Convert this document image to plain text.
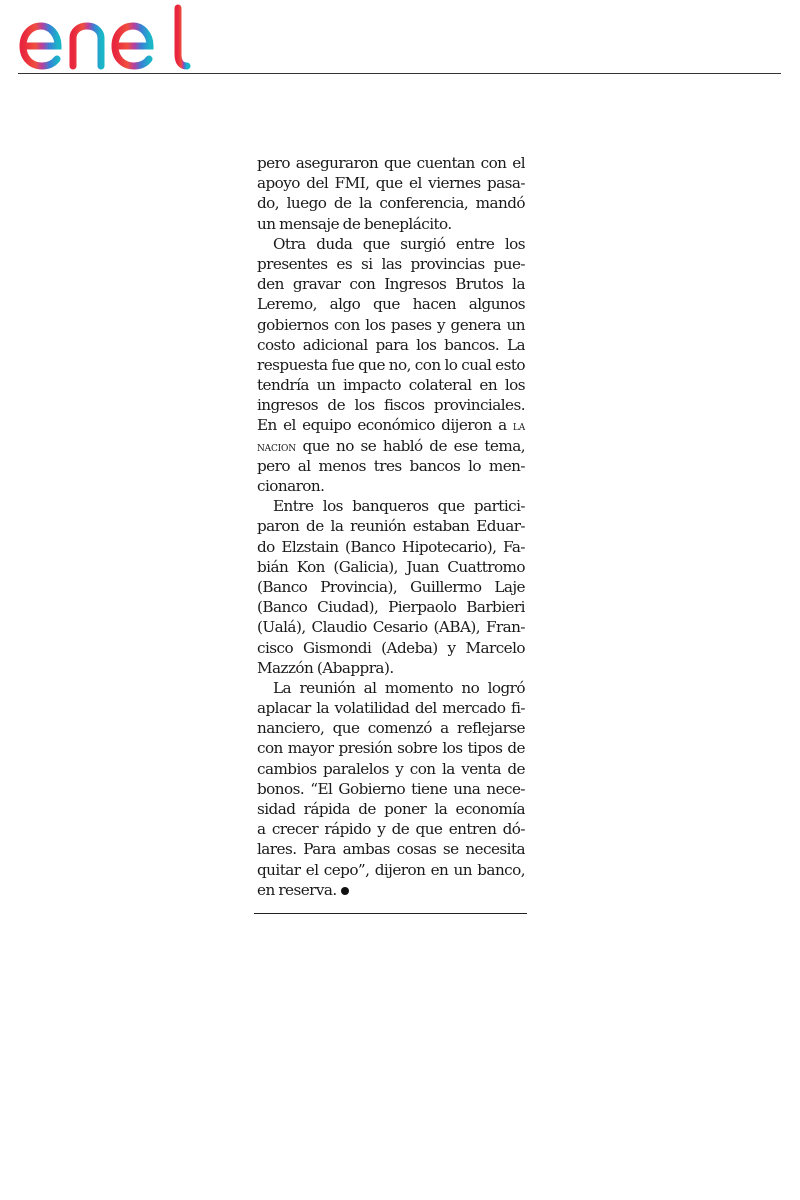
pero aseguraron que cuentan con el
apoyo del FMI, que el viernes pasa-
do, luego de la conferencia, mandó
un mensaje de beneplácito.
Otra duda que surgió entre los
presentes es si las provincias pue-
den gravar con Ingresos Brutos la
Leremo, algo que hacen algunos
gobiernos con los pases y genera un
costo adicional para los bancos. La
respuesta fue que no, con lo cual esto
tendría un impacto colateral en los
ingresos de los fiscos provinciales.
En el equipo económico dijeron a la
nacion que no se habló de ese tema,
pero al menos tres bancos lo men-
cionaron.
Entre los banqueros que partici-
paron de la reunión estaban Eduar-
do Elzstain (Banco Hipotecario), Fa-
bián Kon (Galicia), Juan Cuattromo
(Banco Provincia), Guillermo Laje
(Banco Ciudad), Pierpaolo Barbieri
(Ualá), Claudio Cesario (ABA), Fran-
cisco Gismondi (Adeba) y Marcelo
Mazzón (Abappra).
La reunión al momento no logró
aplacar la volatilidad del mercado fi-
nanciero, que comenzó a reflejarse
con mayor presión sobre los tipos de
cambios paralelos y con la venta de
bonos. “El Gobierno tiene una nece-
sidad rápida de poner la economía
a crecer rápido y de que entren dó-
lares. Para ambas cosas se necesita
quitar el cepo”, dijeron en un banco,
en reserva.
